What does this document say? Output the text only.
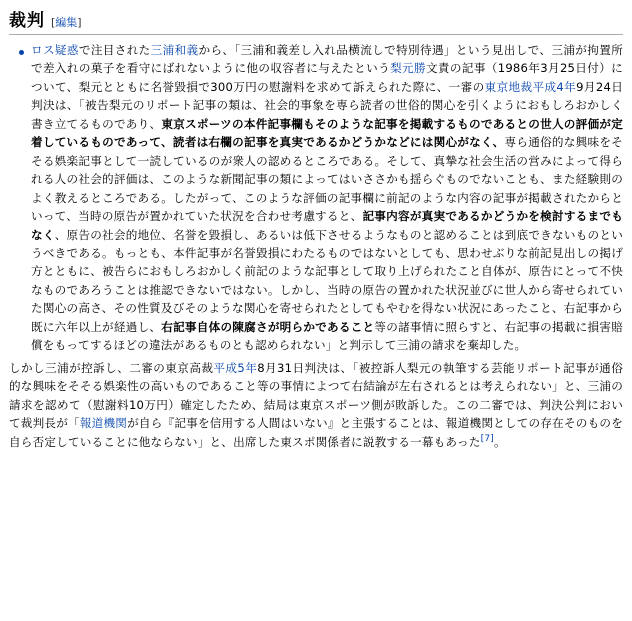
裁判 [編集]

ロス疑惑で注目された三浦和義から、「三浦和義差し入れ品横流しで特別待遇」という見出しで、三浦が拘置所で差入れの菓子を看守にばれないように他の収容者に与えたという梨元勝文責の記事（1986年3月25日付）について、梨元とともに名誉毀損で300万円の慰謝料を求めて訴えられた際に、一審の東京地裁平成4年9月24日判決は、「被告梨元のリポート記事の類は、社会的事象を専ら読者の世俗的関心を引くようにおもしろおかしく書き立てるものであり、東京スポーツの本件記事欄もそのような記事を掲載するものであるとの世人の評価が定着しているものであって、読者は右欄の記事を真実であるかどうかなどには関心がなく、専ら通俗的な興味をそそる娯楽記事として一読しているのが衆人の認めるところである。そして、真摯な社会生活の営みによって得られる人の社会的評価は、このような新聞記事の類によってはいささかも揺らぐものでないことも、また経験則のよく教えるところである。したがって、このような評価の記事欄に前記のような内容の記事が掲載されたからといって、当時の原告が置かれていた状況を合わせ考慮すると、記事内容が真実であるかどうかを検討するまでもなく、原告の社会的地位、名誉を毀損し、あるいは低下させるようなものと認めることは到底できないものというべきである。もっとも、本件記事が名誉毀損にわたるものではないとしても、思わせぶりな前記見出しの掲げ方とともに、被告らにおもしろおかしく前記のような記事として取り上げられたこと自体が、原告にとって不快なものであろうことは推認できないではない。しかし、当時の原告の置かれた状況並びに世人から寄せられていた関心の高さ、その性質及びそのような関心を寄せられたとしてもやむを得ない状況にあったこと、右記事から既に六年以上が経過し、右記事自体の陳腐さが明らかであること等の諸事情に照らすと、右記事の掲載に損害賠償をもってするほどの違法があるものとも認められない」と判示して三浦の請求を棄却した。

しかし三浦が控訴し、二審の東京高裁平成5年8月31日判決は、「被控訴人梨元の執筆する芸能リポート記事が通俗的な興味をそそる娯楽性の高いものであること等の事情によつて右結論が左右されるとは考えられない」と、三浦の請求を認めて（慰謝料10万円）確定したため、結局は東京スポーツ側が敗訴した。この二審では、判決公判において裁判長が「報道機関が自ら『記事を信用する人間はいない』と主張することは、報道機関としての存在そのものを自ら否定していることに他ならない」と、出席した東スポ関係者に説教する一幕もあった[7]。
